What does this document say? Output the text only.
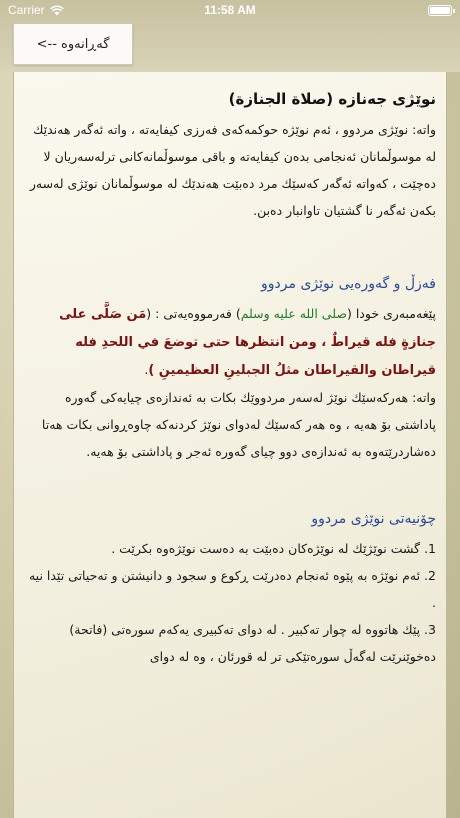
Carrier	11:58 AM
گەڕانەوە -->
نوێژی جەنازە (صلاة الجنازة)

واتە: نوێژی مردوو ، ئەم نوێژە حوکمەکەی فەرزی کیفایەتە ، واتە ئەگەر هەندێك لە موسوڵمانان ئەنجامی بدەن کیفایەتە و باقی موسوڵمانەکانی ترلەسەریان لا دەچێت ، کەواتە ئەگەر کەسێك مرد دەبێت هەندێك لە موسوڵمانان نوێژی لەسەر بکەن ئەگەر نا گشتیان تاوانبار دەبن.

فەزڵ و گەورەیی نوێژی مردوو

پێغەمبەری خودا (صلى الله عليه وسلم) فەرمووەیەتی : (مَن صَلَّى على جنازةٍ فله قيراطٌ ، ومن انتظرها حتى توضعَ في اللحدِ فله قيراطان والقيراطان مثلُ الجبلينِ العظيمينِ ).

واتە: هەرکەسێك نوێژ لەسەر مردووێك بکات بە ئەندازەی چیایەکی گەورە پاداشتی بۆ هەیە ، وە هەر کەسێك لەدوای نوێژ کردنەکە چاوەڕوانی بکات هەتا دەشاردرێتەوە بە ئەندازەی دوو چیای گەورە ئەجر و پاداشتی بۆ هەیە.

چۆنیەتی نوێژی مردوو
1. گشت نوێژێك لە نوێژەکان دەبێت بە دەست نوێژەوە بکرێت .
2. ئەم نوێژە بە پێوە ئەنجام دەدرێت ڕکوع و سجود و دانیشتن و تەحیاتی تێدا نیە .
3. پێك هاتووە لە چوار تەکبیر . لە دوای تەکبیری یەکەم سورەتی (فاتحة) دەخوێنرێت لەگەڵ سورەتێکی تر لە قورئان ، وە لە دوای
